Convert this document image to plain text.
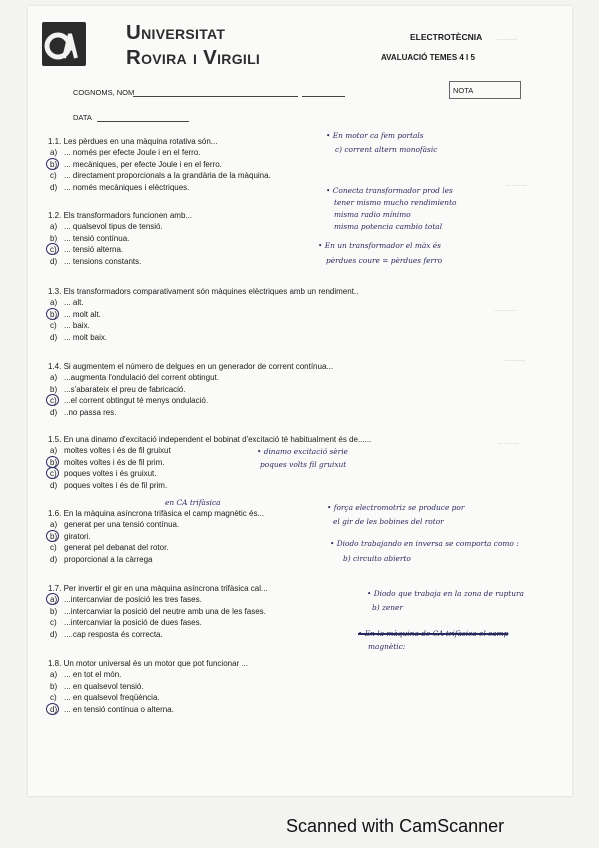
............
............
............
............
............
Universitat
Rovira i Virgili
ELECTROTÈCNIA
AVALUACIÓ TEMES 4 I 5
COGNOMS, NOM	NOTA
DATA

1.1. Les pèrdues en una màquina rotativa són...

a) ... només per efecte Joule i en el ferro.

b) ... mecàniques, per efecte Joule i en el ferro.

c) ... directament proporcionals a la grandària de la màquina.

d) ... només mecàniques i elèctriques.

1.2. Els transformadors funcionen amb...

a) ... qualsevol tipus de tensió.

b) ... tensió contínua.

c) ... tensió alterna.

d) ... tensions constants.

1.3. Els transformadors comparativament són màquines elèctriques amb un rendiment..

a) ... alt.

b) ... molt alt.

c) ... baix.

d) ... molt baix.

1.4. Si augmentem el número de delgues en un generador de corrent contínua...

a) ...augmenta l'ondulació del corrent obtingut.

b) ...s'abarateix el preu de fabricació.

c) ...el corrent obtingut té menys ondulació.

d) ..no passa res.

1.5. En una dinamo d'excitació independent el bobinat d'excitació té habitualment és de......

a) moltes voltes i és de fil gruixut

b) moltes voltes i és de fil prim.

c) poques voltes i és gruixut.

d) poques voltes i és de fil prim.

1.6. En la màquina asíncrona trifàsica el camp magnètic és...

a) generat per una tensió contínua.

b) giratori.

c) generat pel debanat del rotor.

d) proporcional a la càrrega

1.7. Per invertir el gir en una màquina asíncrona trifàsica cal...

a) ...intercanviar de posició les tres fases.

b) ...intercanviar la posició del neutre amb una de les fases.

c) ...intercanviar la posició de dues fases.

d) ....cap resposta és correcta.

1.8. Un motor universal és un motor que pot funcionar ...

a) ... en tot el món.

b) ... en qualsevol tensió.

c) ... en qualsevol freqüència.

d) ... en tensió contínua o alterna.

• En motor ca fem portals
c) corrent altern monofàsic
• Conecta transformador prod les
tener mismo mucho rendimiento
misma radio mínimo
misma potencia cambio total
• En un transformador el màx és
pèrdues coure = pèrdues ferro
• dinamo excitació sèrie
poques volts fil gruixut
en CA trifàsica
• força electromotriz se produce por
el gir de les bobines del rotor
• Diodo trabajando en inversa se comporta como :
b) circuito abierto
• Diodo que trabaja en la zona de ruptura
b) zener
• En la màquina de CA trifàsica el camp
magnètic:
Scanned with CamScanner
